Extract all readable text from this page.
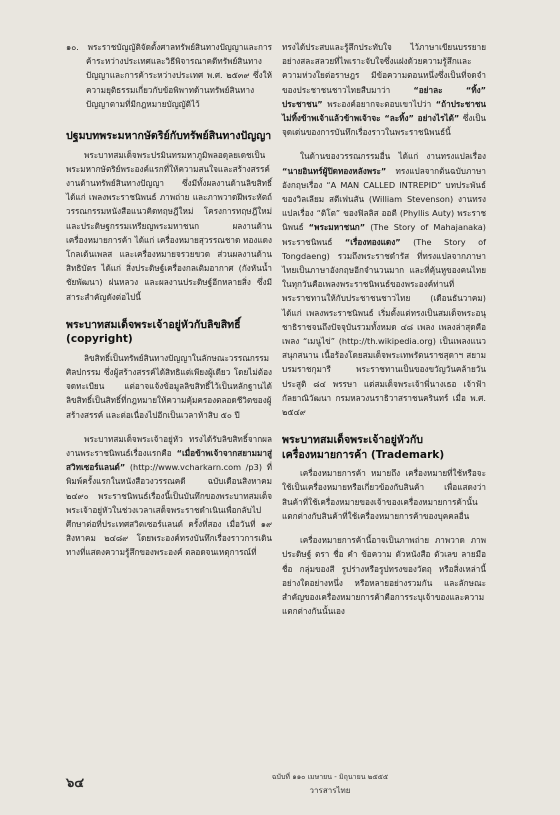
๑๐. พระราชบัญญัติจัดตั้งศาลทรัพย์สินทางปัญญาและการค้าระหว่างประเทศและวิธีพิจารณาคดีทรัพย์สินทางปัญญาและการค้าระหว่างประเทศ พ.ศ. ๒๕๓๙ ซึ่งให้ความยุติธรรมเกี่ยวกับข้อพิพาทด้านทรัพย์สินทางปัญญาตามที่มีกฎหมายบัญญัติไว้

ปฐมบทพระมหากษัตริย์กับทรัพย์สินทางปัญญา

พระบาทสมเด็จพระปรมินทรมหาภูมิพลอดุลยเดชเป็นพระมหากษัตริย์พระองค์แรกที่ให้ความสนใจและสร้างสรรค์งานด้านทรัพย์สินทางปัญญา ซึ่งมีทั้งผลงานด้านลิขสิทธิ์ ได้แก่ เพลงพระราชนิพนธ์ ภาพถ่าย และภาพวาดฝีพระหัตถ์ วรรณกรรมหนังสือแนวคิดทฤษฎีใหม่ โครงการทฤษฎีใหม่ และประดิษฐกรรมเหรียญพระมหาชนก ผลงานด้านเครื่องหมายการค้า ได้แก่ เครื่องหมายสุวรรณชาด ทองแดงโกลเด้นเพลส และเครื่องหมายจรวยขวด ส่วนผลงานด้านสิทธิบัตร ได้แก่ สิ่งประดิษฐ์เครื่องกลเติมอากาศ (กังหันน้ำชัยพัฒนา) ฝนหลวง และผลงานประดิษฐ์อีกหลายสิ่ง ซึ่งมีสาระสำคัญดังต่อไปนี้

พระบาทสมเด็จพระเจ้าอยู่หัวกับลิขสิทธิ์ (copyright)

ลิขสิทธิ์เป็นทรัพย์สินทางปัญญาในลักษณะวรรณกรรม ศิลปกรรม ซึ่งผู้สร้างสรรค์ได้สิทธิแต่เพียงผู้เดียว โดยไม่ต้องจดทะเบียน แต่อาจแจ้งข้อมูลลิขสิทธิ์ไว้เป็นหลักฐานได้ ลิขสิทธิ์เป็นสิทธิ์ที่กฎหมายให้ความคุ้มครองตลอดชีวิตของผู้สร้างสรรค์ และต่อเนื่องไปอีกเป็นเวลาห้าสิบ ๕๐ ปี

พระบาทสมเด็จพระเจ้าอยู่หัว ทรงได้รับลิขสิทธิ์จากผลงานพระราชนิพนธ์เรื่องแรกคือ “เมื่อข้าพเจ้าจากสยามมาสู่สวิทเซอร์แลนด์” (http://www.vcharkarn.com /p3) ที่พิมพ์ครั้งแรกในหนังสือวงวรรณคดี ฉบับเดือนสิงหาคม ๒๔๙๐ พระราชนิพนธ์เรื่องนี้เป็นบันทึกของพระบาทสมเด็จพระเจ้าอยู่หัวในช่วงเวลาเสด็จพระราชดำเนินเพื่อกลับไปศึกษาต่อที่ประเทศสวิตเซอร์แลนด์ ครั้งที่สอง เมื่อวันที่ ๑๙ สิงหาคม ๒๔๘๙ โดยพระองค์ทรงบันทึกเรื่องราวการเดินทางที่แสดงความรู้สึกของพระองค์ ตลอดจนเหตุการณ์ที่

ทรงได้ประสบและรู้สึกประทับใจ ไว้ภาษาเขียนบรรยายอย่างสละสลวยที่ไพเราะจับใจซึ่งแฝงด้วยความรู้สึกและความห่วงใยต่อราษฎร มีข้อความตอนหนึ่งซึ่งเป็นที่จดจำของประชาชนชาวไทยสืบมาว่า	“อย่าละ “ทิ้ง” ประชาชน” พระองค์อยากจะตอบเขาไปว่า “ถ้าประชาชนไม่ทิ้งข้าพเจ้าแล้วข้าพเจ้าจะ “ละทิ้ง” อย่างไรได้” ซึ่งเป็นจุดเด่นของการบันทึกเรื่องราวในพระราชนิพนธ์นี้

ในด้านของวรรณกรรมอื่น ได้แก่ งานทรงแปลเรื่อง “นายอินทร์ผู้ปิดทองหลังพระ” ทรงแปลจากต้นฉบับภาษาอังกฤษเรื่อง “A MAN CALLED INTREPID” บทประพันธ์ของวิลเลียม สตีเฟนสัน (William Stevenson) งานทรงแปลเรื่อง “ติโต” ของฟิลลิส ออตี (Phyllis Auty) พระราชนิพนธ์ “พระมหาชนก” (The Story of Mahajanaka) พระราชนิพนธ์ “เรื่องทองแดง” (The Story of Tongdaeng) รวมถึงพระราชดำรัส ที่ทรงแปลจากภาษาไทยเป็นภาษาอังกฤษอีกจำนวนมาก และที่คุ้นหูของคนไทยในทุกวันคือเพลงพระราชนิพนธ์ของพระองค์ท่านที่พระราชทานให้กับประชาชนชาวไทย (เดือนธันวาคม) ได้แก่ เพลงพระราชนิพนธ์ เริ่มตั้งแต่ทรงเป็นสมเด็จพระอนุชาธิราชจนถึงปัจจุบันรวมทั้งหมด ๔๘ เพลง เพลงล่าสุดคือเพลง “เมนูไข่” (http://th.wikipedia.org) เป็นเพลงแนวสนุกสนาน เนื้อร้องโดยสมเด็จพระเทพรัตนราชสุดาฯ สยามบรมราชกุมารี พระราชทานเป็นของขวัญวันคล้ายวันประสูติ ๘๔ พรรษา แด่สมเด็จพระเจ้าพี่นางเธอ เจ้าฟ้ากัลยาณิวัฒนา กรมหลวงนราธิวาสราชนครินทร์ เมื่อ พ.ศ. ๒๕๔๙

พระบาทสมเด็จพระเจ้าอยู่หัวกับเครื่องหมายการค้า (Trademark)

เครื่องหมายการค้า หมายถึง เครื่องหมายที่ใช้หรือจะใช้เป็นเครื่องหมายหรือเกี่ยวข้องกับสินค้า เพื่อแสดงว่าสินค้าที่ใช้เครื่องหมายของเจ้าของเครื่องหมายการค้านั้นแตกต่างกับสินค้าที่ใช้เครื่องหมายการค้าของบุคคลอื่น

เครื่องหมายการค้านี้อาจเป็นภาพถ่าย ภาพวาด ภาพประดิษฐ์ ตรา ชื่อ คำ ข้อความ ตัวหนังสือ ตัวเลข ลายมือชื่อ กลุ่มของสี รูปร่างหรือรูปทรงของวัตถุ หรือสิ่งเหล่านี้อย่างใดอย่างหนึ่ง หรือหลายอย่างรวมกัน และลักษณะสำคัญของเครื่องหมายการค้าคือการระบุเจ้าของและความแตกต่างกันนั้นเอง

๖๔	ฉบับที่ ๑๑๐ เมษายน - มิถุนายน ๒๕๕๕
วารสารไทย
